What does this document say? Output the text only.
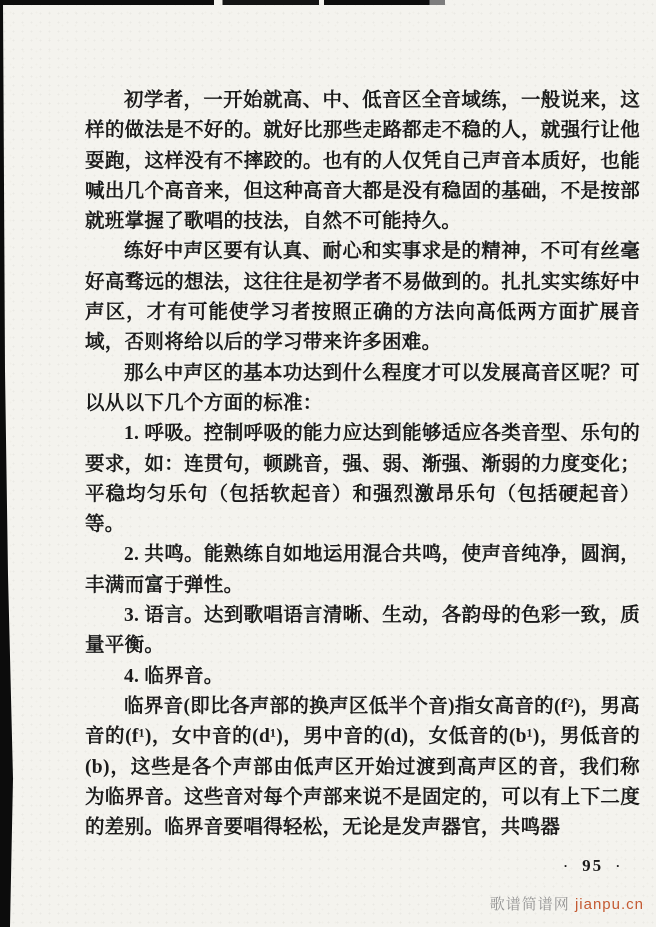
初学者，一开始就高、中、低音区全音域练，一般说来，这样的做法是不好的。就好比那些走路都走不稳的人，就强行让他耍跑，这样没有不摔跤的。也有的人仅凭自己声音本质好，也能喊出几个高音来，但这种高音大都是没有稳固的基础，不是按部就班掌握了歌唱的技法，自然不可能持久。

练好中声区要有认真、耐心和实事求是的精神，不可有丝毫好高骛远的想法，这往往是初学者不易做到的。扎扎实实练好中声区，才有可能使学习者按照正确的方法向高低两方面扩展音域，否则将给以后的学习带来许多困难。

那么中声区的基本功达到什么程度才可以发展高音区呢？可以从以下几个方面的标准：

1. 呼吸。控制呼吸的能力应达到能够适应各类音型、乐句的要求，如：连贯句，顿跳音，强、弱、渐强、渐弱的力度变化；平稳均匀乐句（包括软起音）和强烈激昂乐句（包括硬起音）等。

2. 共鸣。能熟练自如地运用混合共鸣，使声音纯净，圆润，丰满而富于弹性。

3. 语言。达到歌唱语言清晰、生动，各韵母的色彩一致，质量平衡。

4. 临界音。

临界音(即比各声部的换声区低半个音)指女高音的(f²)，男高音的(f¹)，女中音的(d¹)，男中音的(d)，女低音的(b¹)，男低音的(b)，这些是各个声部由低声区开始过渡到高声区的音，我们称为临界音。这些音对每个声部来说不是固定的，可以有上下二度的差别。临界音要唱得轻松，无论是发声器官，共鸣器

· 95 ·
歌谱简谱网 jianpu.cn
